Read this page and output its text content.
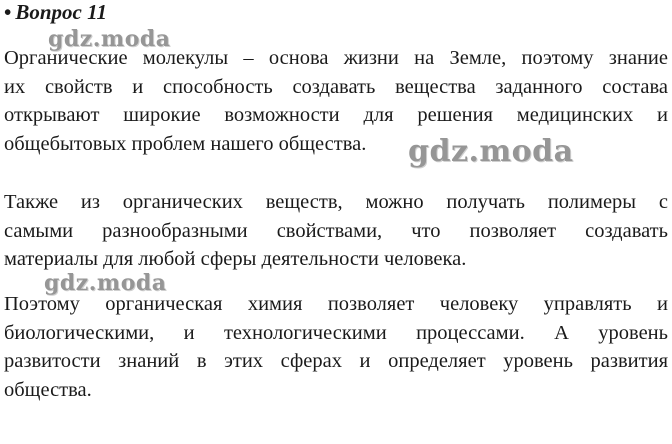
• Вопрос 11
Органические молекулы – основа жизни на Земле, поэтому знание
их свойств и способность создавать вещества заданного состава
открывают широкие возможности для решения медицинских и
общебытовых проблем нашего общества.
Также из органических веществ, можно получать полимеры с
самыми разнообразными свойствами, что позволяет создавать
материалы для любой сферы деятельности человека.
Поэтому органическая химия позволяет человеку управлять и
биологическими, и технологическими процессами. А уровень
развитости знаний в этих сферах и определяет уровень развития
общества.
gdz.moda
gdz.moda
gdz.moda
